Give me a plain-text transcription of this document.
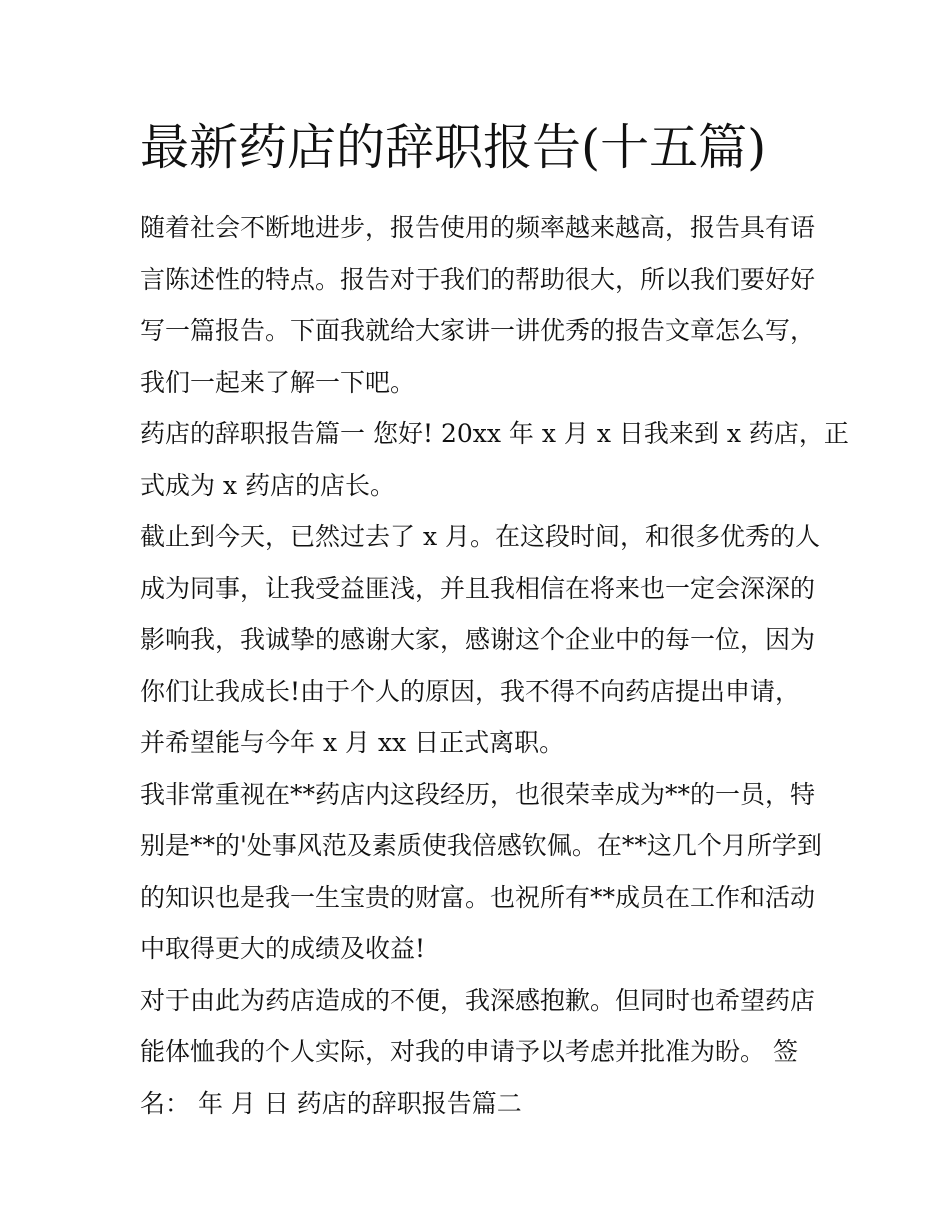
最新药店的辞职报告(十五篇)
随着社会不断地进步，报告使用的频率越来越高，报告具有语
言陈述性的特点。报告对于我们的帮助很大，所以我们要好好
写一篇报告。下面我就给大家讲一讲优秀的报告文章怎么写，
我们一起来了解一下吧。
药店的辞职报告篇一 您好! 20xx 年 x 月 x 日我来到 x 药店，正
式成为 x 药店的店长。
截止到今天，已然过去了 x 月。在这段时间，和很多优秀的人
成为同事，让我受益匪浅，并且我相信在将来也一定会深深的
影响我，我诚挚的感谢大家，感谢这个企业中的每一位，因为
你们让我成长!由于个人的原因，我不得不向药店提出申请，
并希望能与今年 x 月 xx 日正式离职。
我非常重视在**药店内这段经历，也很荣幸成为**的一员，特
别是**的'处事风范及素质使我倍感钦佩。在**这几个月所学到
的知识也是我一生宝贵的财富。也祝所有**成员在工作和活动
中取得更大的成绩及收益!
对于由此为药店造成的不便，我深感抱歉。但同时也希望药店
能体恤我的个人实际，对我的申请予以考虑并批准为盼。 签
名： 年 月 日 药店的辞职报告篇二
